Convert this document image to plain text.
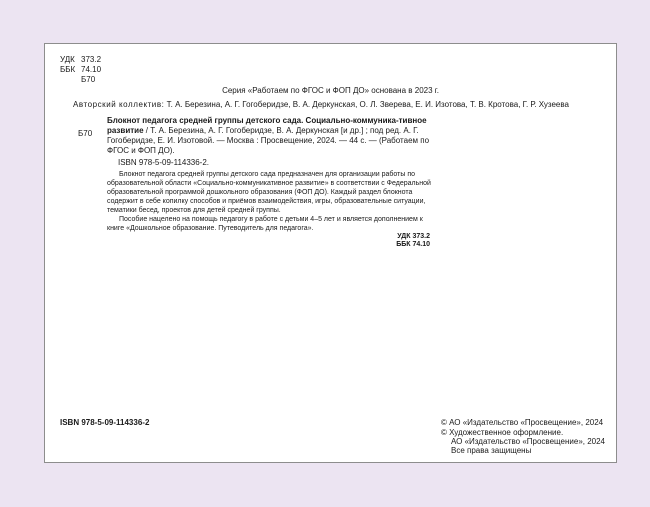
УДК 373.2
ББК 74.10
Б70
Серия «Работаем по ФГОС и ФОП ДО» основана в 2023 г.
Авторский коллектив: Т. А. Березина, А. Г. Гогоберидзе, В. А. Деркунская, О. Л. Зверева, Е. И. Изотова, Т. В. Кротова, Г. Р. Хузеева
Б70
Блокнот педагога средней группы детского сада. Социально-коммуника-тивное развитие / Т. А. Березина, А. Г. Гогоберидзе, В. А. Деркунская [и др.] ; под ред. А. Г. Гогоберидзе, Е. И. Изотовой. — Москва : Просвещение, 2024. — 44 с. — (Работаем по ФГОС и ФОП ДО).
ISBN 978-5-09-114336-2.

Блокнот педагога средней группы детского сада предназначен для организации работы по образовательной области «Социально-коммуникативное развитие» в соответствии с Федеральной образовательной программой дошкольного образования (ФОП ДО). Каждый раздел блокнота содержит в себе копилку способов и приёмов взаимодействия, игры, образовательные ситуации, тематики бесед, проектов для детей средней группы.

Пособие нацелено на помощь педагогу в работе с детьми 4–5 лет и является дополнением к книге «Дошкольное образование. Путеводитель для педагога».

УДК 373.2
ББК 74.10
ISBN 978-5-09-114336-2	© АО «Издательство «Просвещение», 2024
© Художественное оформление.
АО «Издательство «Просвещение», 2024
Все права защищены
